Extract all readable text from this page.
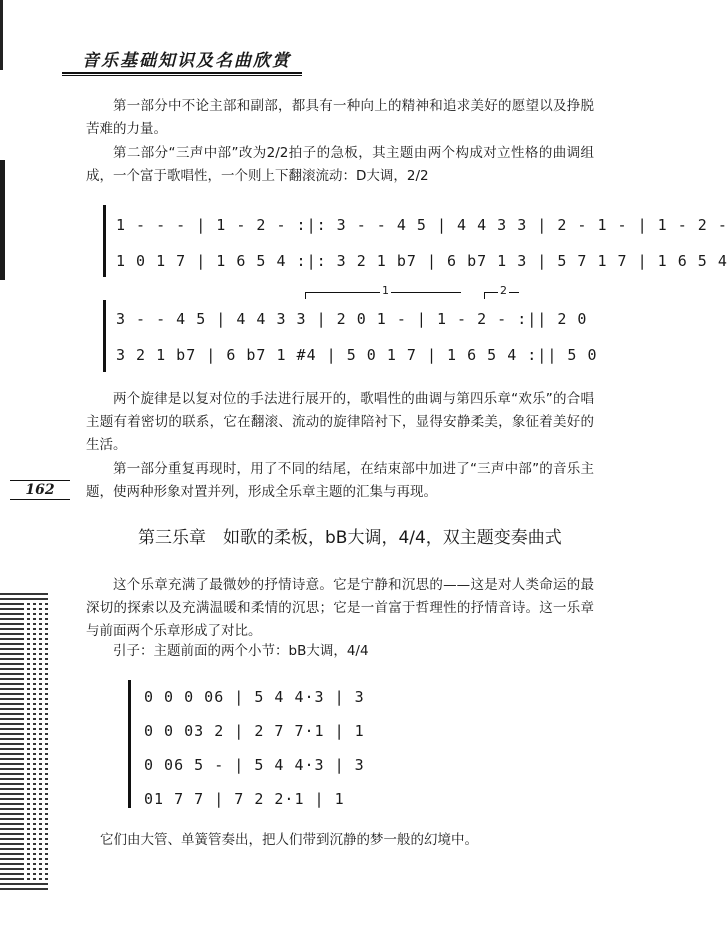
音乐基础知识及名曲欣赏
162
第一部分中不论主部和副部，都具有一种向上的精神和追求美好的愿望以及挣脱苦难的力量。
第二部分“三声中部”改为2/2拍子的急板，其主题由两个构成对立性格的曲调组成，一个富于歌唱性，一个则上下翻滚流动：D大调，2/2
1 - - - | 1 - 2 - :|: 3 - - 4 5 | 4 4 3 3 | 2 - 1 - | 1 - 2 -
1 0 1 7 | 1 6 5 4 :|: 3 2 1 b7 | 6 b7 1 3 | 5 7 1 7 | 1 6 5 4
1	2
3 - - 4 5 | 4 4 3 3 | 2 0 1 - | 1 - 2 - :|| 2 0
3 2 1 b7 | 6 b7 1 #4 | 5 0 1 7 | 1 6 5 4 :|| 5 0
两个旋律是以复对位的手法进行展开的，歌唱性的曲调与第四乐章“欢乐”的合唱主题有着密切的联系，它在翻滚、流动的旋律陪衬下，显得安静柔美，象征着美好的生活。
第一部分重复再现时，用了不同的结尾，在结束部中加进了“三声中部”的音乐主题，使两种形象对置并列，形成全乐章主题的汇集与再现。
第三乐章　如歌的柔板，bB大调，4/4，双主题变奏曲式
这个乐章充满了最微妙的抒情诗意。它是宁静和沉思的——这是对人类命运的最深切的探索以及充满温暖和柔情的沉思；它是一首富于哲理性的抒情音诗。这一乐章与前面两个乐章形成了对比。
引子：主题前面的两个小节：bB大调，4/4
0 0 0 06 | 5 4 4·3 | 3
0 0 03 2 | 2 7 7·1 | 1
0 06 5 - | 5 4 4·3 | 3
01 7 7 | 7 2 2·1 | 1
它们由大管、单簧管奏出，把人们带到沉静的梦一般的幻境中。
